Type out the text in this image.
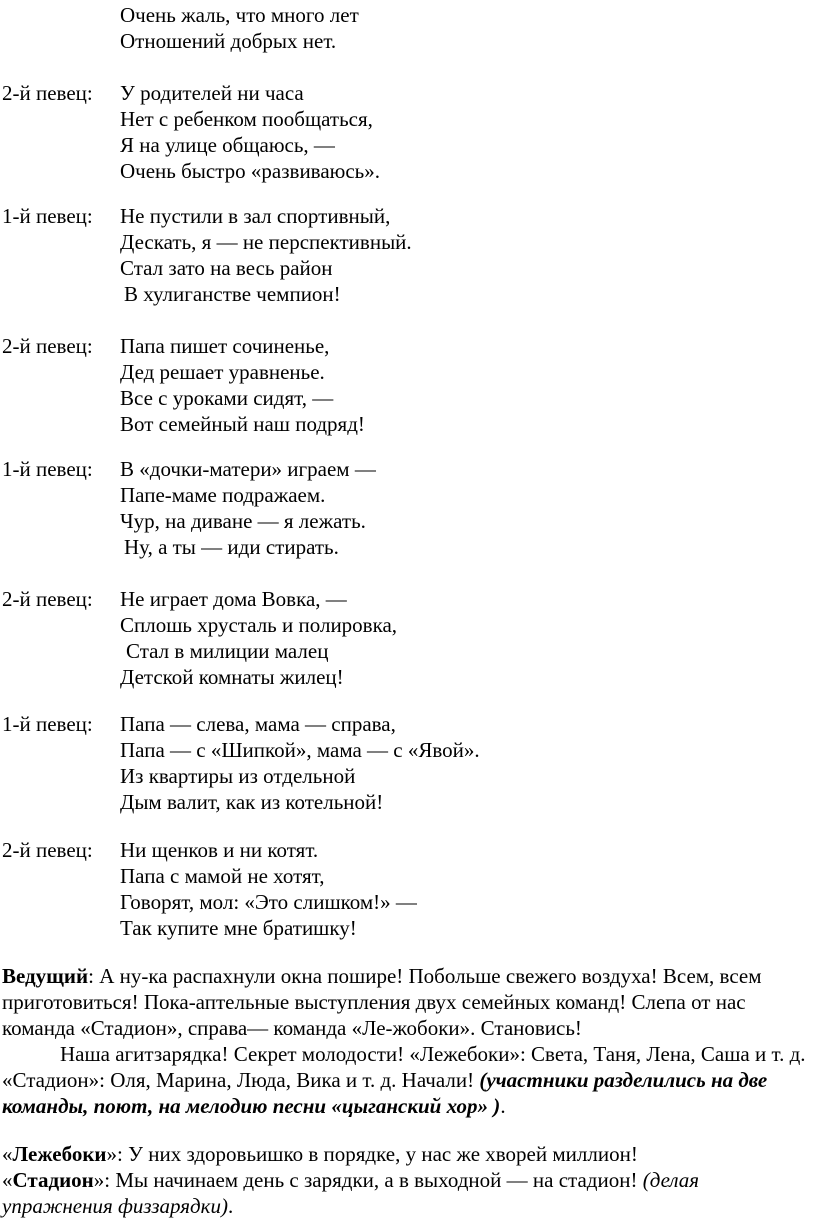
Очень жаль, что много лет
Отношений добрых нет.
2-й певец: У родителей ни часа
Нет с ребенком пообщаться,
Я на улице общаюсь, —
Очень быстро «развиваюсь».
1-й певец: Не пустили в зал спортивный,
Дескать, я — не перспективный.
Стал зато на весь район
В хулиганстве чемпион!
2-й певец: Папа пишет сочиненье,
Дед решает уравненье.
Все с уроками сидят, —
Вот семейный наш подряд!
1-й певец: В «дочки-матери» играем —
Папе-маме подражаем.
Чур, на диване — я лежать.
Ну, а ты — иди стирать.
2-й певец: Не играет дома Вовка, —
Сплошь хрусталь и полировка,
Стал в милиции малец
Детской комнаты жилец!
1-й певец: Папа — слева, мама — справа,
Папа — с «Шипкой», мама — с «Явой».
Из квартиры из отдельной
Дым валит, как из котельной!
2-й певец: Ни щенков и ни котят.
Папа с мамой не хотят,
Говорят, мол: «Это слишком!» —
Так купите мне братишку!
Ведущий: А ну-ка распахнули окна пошире! Побольше свежего воздуха! Всем, всем приготовиться! Пока-аптельные выступления двух семейных команд! Слепа от нас команда «Стадион», справа— команда «Ле-жобоки». Становись!
Наша агитзарядка! Секрет молодости! «Лежебоки»: Света, Таня, Лена, Саша и т. д. «Стадион»: Оля, Марина, Люда, Вика и т. д. Начали! (участники разделились на две команды, поют, на мелодию песни «цыганский хор» ).
«Лежебоки»: У них здоровьишко в порядке, у нас же хворей миллион!
«Стадион»: Мы начинаем день с зарядки, а в выходной — на стадион! (делая упражнения физзарядки).
